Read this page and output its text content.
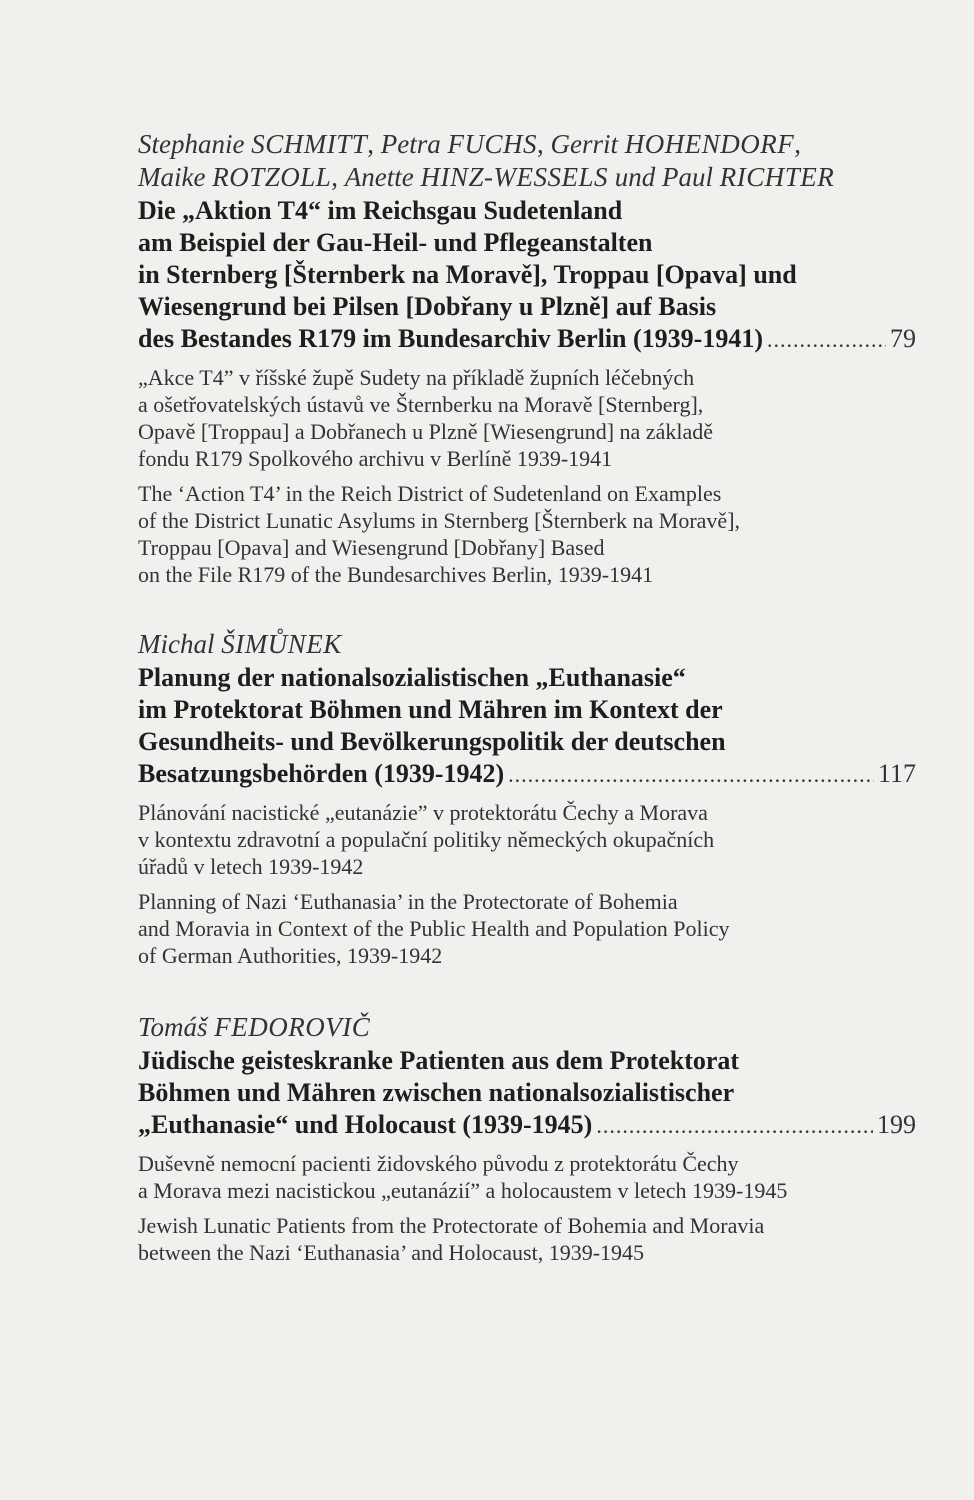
Stephanie SCHMITT, Petra FUCHS, Gerrit HOHENDORF,
Maike ROTZOLL, Anette HINZ-WESSELS und Paul RICHTER
Die „Aktion T4“ im Reichsgau Sudetenland
am Beispiel der Gau-Heil- und Pflegeanstalten
in Sternberg [Šternberk na Moravě], Troppau [Opava] und
Wiesengrund bei Pilsen [Dobřany u Plzně] auf Basis
des Bestandes R179 im Bundesarchiv Berlin (1939-1941) .....	79
„Akce T4” v říšské župě Sudety na příkladě župních léčebných
a ošetřovatelských ústavů ve Šternberku na Moravě [Sternberg],
Opavě [Troppau] a Dobřanech u Plzně [Wiesengrund] na základě
fondu R179 Spolkového archivu v Berlíně 1939-1941
The ‘Action T4’ in the Reich District of Sudetenland on Examples
of the District Lunatic Asylums in Sternberg [Šternberk na Moravě],
Troppau [Opava] and Wiesengrund [Dobřany] Based
on the File R179 of the Bundesarchives Berlin, 1939-1941
Michal ŠIMŮNEK
Planung der nationalsozialistischen „Euthanasie“
im Protektorat Böhmen und Mähren im Kontext der
Gesundheits- und Bevölkerungspolitik der deutschen
Besatzungsbehörden (1939-1942) .....	117
Plánování nacistické „eutanázie” v protektorátu Čechy a Morava
v kontextu zdravotní a populační politiky německých okupačních
úřadů v letech 1939-1942
Planning of Nazi ‘Euthanasia’ in the Protectorate of Bohemia
and Moravia in Context of the Public Health and Population Policy
of German Authorities, 1939-1942
Tomáš FEDOROVIČ
Jüdische geisteskranke Patienten aus dem Protektorat
Böhmen und Mähren zwischen nationalsozialistischer
„Euthanasie“ und Holocaust (1939-1945) .....	199
Duševně nemocní pacienti židovského původu z protektorátu Čechy
a Morava mezi nacistickou „eutanázií” a holocaustem v letech 1939-1945
Jewish Lunatic Patients from the Protectorate of Bohemia and Moravia
between the Nazi ‘Euthanasia’ and Holocaust, 1939-1945
